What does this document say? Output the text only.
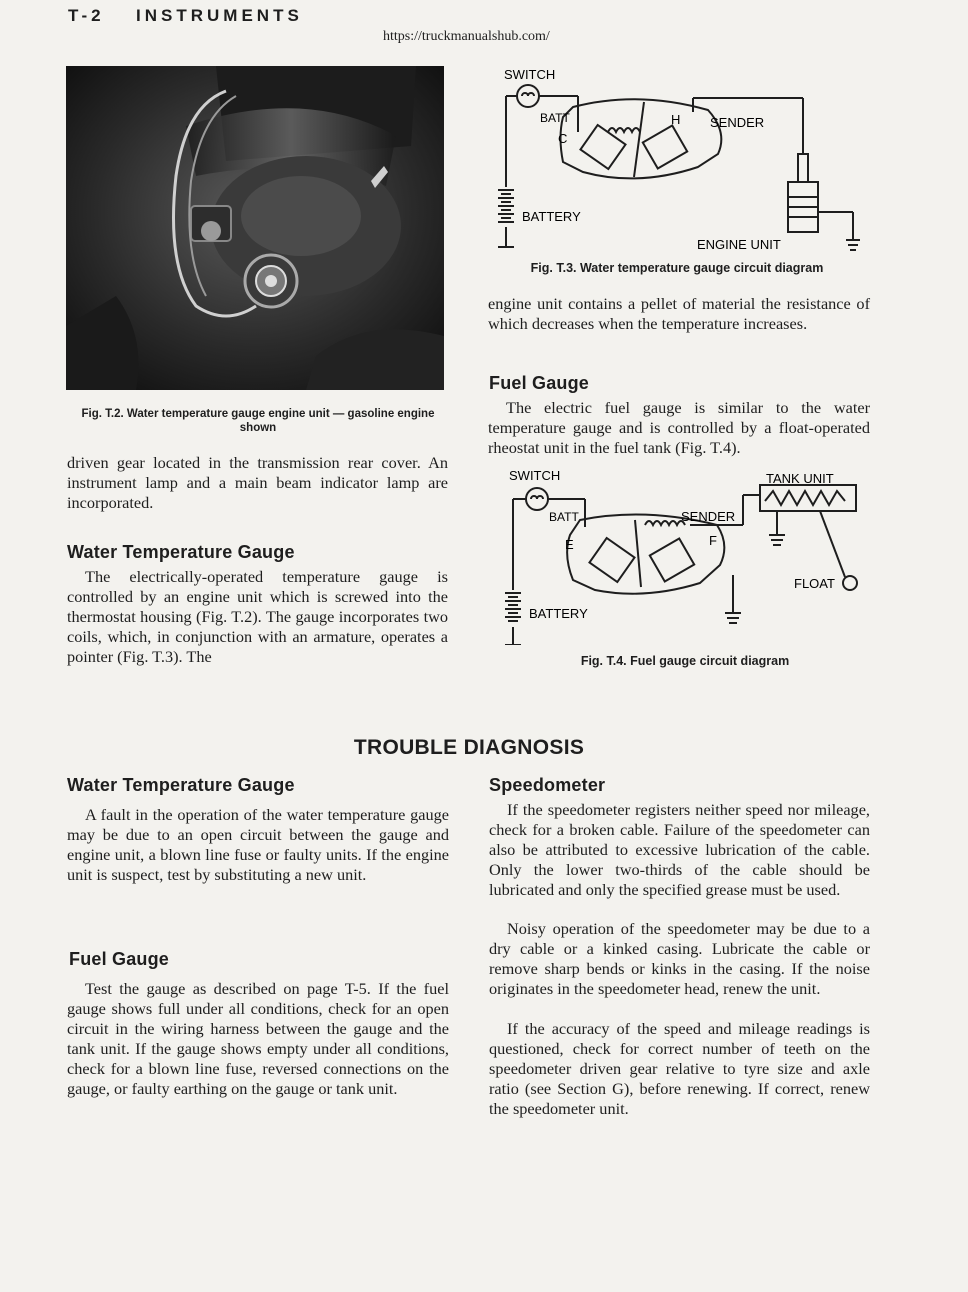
T-2 INSTRUMENTS
https://truckmanualshub.com/
Fig. T.2. Water temperature gauge engine unit — gasoline engine shown

driven gear located in the transmission rear cover. An instrument lamp and a main beam indicator lamp are incorporated.

Water Temperature Gauge

The electrically-operated temperature gauge is controlled by an engine unit which is screwed into the thermostat housing (Fig. T.2). The gauge incorporates two coils, which, in conjunction with an armature, operates a pointer (Fig. T.3). The

SWITCH
BATT
C
H SENDER
BATTERY
ENGINE UNIT
Fig. T.3. Water temperature gauge circuit diagram

engine unit contains a pellet of material the resistance of which decreases when the temperature increases.

Fuel Gauge

The electric fuel gauge is similar to the water temperature gauge and is controlled by a float-operated rheostat unit in the fuel tank (Fig. T.4).

SWITCH	TANK UNIT
BATT	SENDER
E	F
FLOAT
BATTERY
Fig. T.4. Fuel gauge circuit diagram
TROUBLE DIAGNOSIS
Water Temperature Gauge

A fault in the operation of the water temperature gauge may be due to an open circuit between the gauge and engine unit, a blown line fuse or faulty units. If the engine unit is suspect, test by substituting a new unit.

Fuel Gauge

Test the gauge as described on page T-5. If the fuel gauge shows full under all conditions, check for an open circuit in the wiring harness between the gauge and the tank unit. If the gauge shows empty under all conditions, check for a blown line fuse, reversed connections on the gauge, or faulty earthing on the gauge or tank unit.

Speedometer

If the speedometer registers neither speed nor mileage, check for a broken cable. Failure of the speedometer can also be attributed to excessive lubrication of the cable. Only the lower two-thirds of the cable should be lubricated and only the specified grease must be used.

Noisy operation of the speedometer may be due to a dry cable or a kinked casing. Lubricate the cable or remove sharp bends or kinks in the casing. If the noise originates in the speedometer head, renew the unit.

If the accuracy of the speed and mileage readings is questioned, check for correct number of teeth on the speedometer driven gear relative to tyre size and axle ratio (see Section G), before renewing. If correct, renew the speedometer unit.
